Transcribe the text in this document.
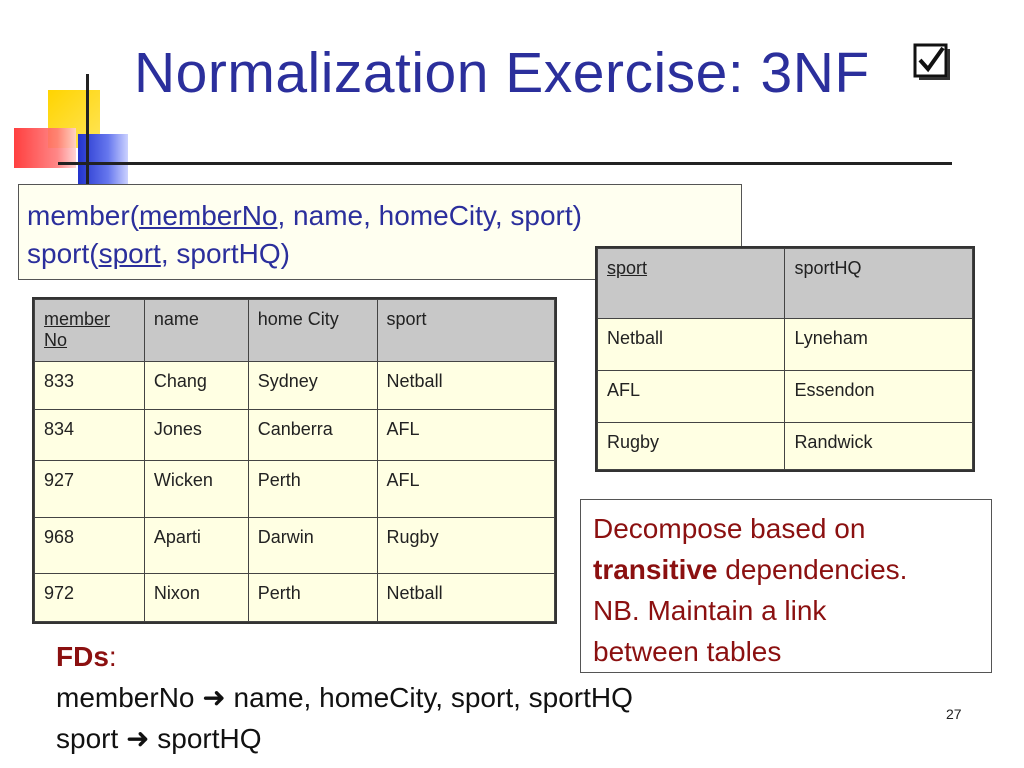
Normalization Exercise: 3NF
member(memberNo, name, homeCity, sport)
sport(sport, sportHQ)
member No	name	home City	sport
833	Chang	Sydney	Netball
834	Jones	Canberra	AFL
927	Wicken	Perth	AFL
968	Aparti	Darwin	Rugby
972	Nixon	Perth	Netball
sport	sportHQ
Netball	Lyneham
AFL	Essendon
Rugby	Randwick
Decompose based on
transitive dependencies.
NB. Maintain a link
between tables
FDs:
memberNo ➜ name, homeCity, sport, sportHQ
sport ➜ sportHQ
27
